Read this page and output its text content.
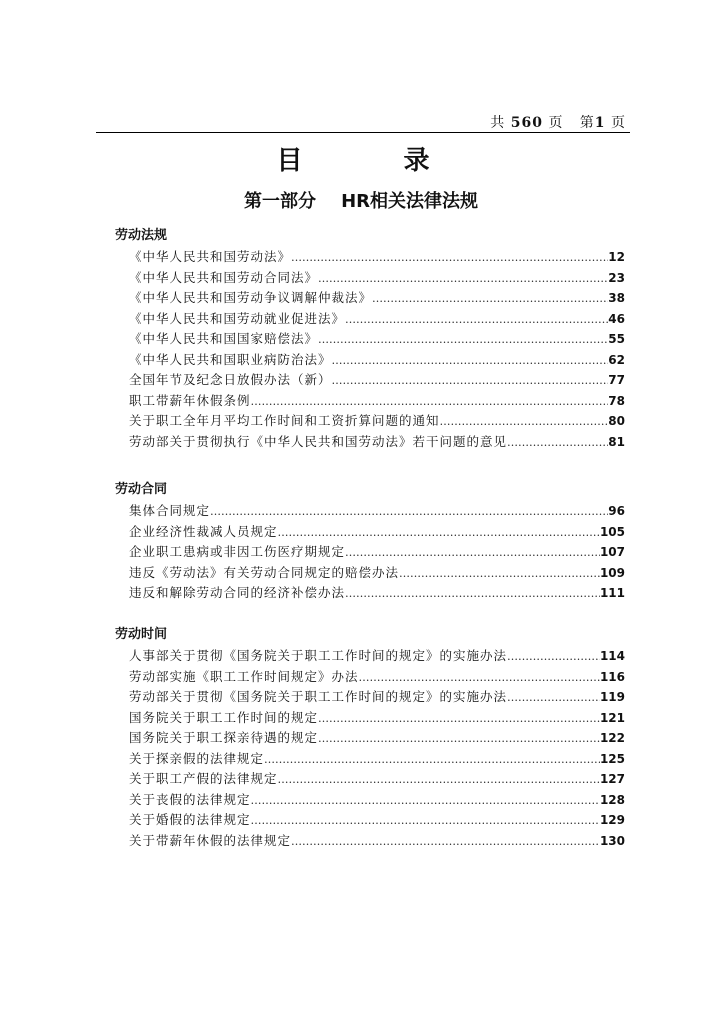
共 560 页 第1 页
目 录
第一部分    HR相关法律法规
劳动法规
《中华人民共和国劳动法》 ………………………………………………………………………………………………………………………………………………………………	12
《中华人民共和国劳动合同法》 ………………………………………………………………………………………………………………………………………………………………	23
《中华人民共和国劳动争议调解仲裁法》 ………………………………………………………………………………………………………………………………………………………………	38
《中华人民共和国劳动就业促进法》 ………………………………………………………………………………………………………………………………………………………………	46
《中华人民共和国国家赔偿法》 ………………………………………………………………………………………………………………………………………………………………	55
《中华人民共和国职业病防治法》 ………………………………………………………………………………………………………………………………………………………………	62
全国年节及纪念日放假办法（新） ………………………………………………………………………………………………………………………………………………………………	77
职工带薪年休假条例 ………………………………………………………………………………………………………………………………………………………………	78
关于职工全年月平均工作时间和工资折算问题的通知 ………………………………………………………………………………………………………………………………………………………………	80
劳动部关于贯彻执行《中华人民共和国劳动法》若干问题的意见 ………………………………………………………………………………………………………………………………………………………………	81
劳动合同
集体合同规定 ………………………………………………………………………………………………………………………………………………………………	96
企业经济性裁减人员规定 ………………………………………………………………………………………………………………………………………………………………	105
企业职工患病或非因工伤医疗期规定 ………………………………………………………………………………………………………………………………………………………………	107
违反《劳动法》有关劳动合同规定的赔偿办法 ………………………………………………………………………………………………………………………………………………………………	109
违反和解除劳动合同的经济补偿办法 ………………………………………………………………………………………………………………………………………………………………	111
劳动时间
人事部关于贯彻《国务院关于职工工作时间的规定》的实施办法 ………………………………………………………………………………………………………………………………………………………………	114
劳动部实施《职工工作时间规定》办法 ………………………………………………………………………………………………………………………………………………………………	116
劳动部关于贯彻《国务院关于职工工作时间的规定》的实施办法 ………………………………………………………………………………………………………………………………………………………………	119
国务院关于职工工作时间的规定 ………………………………………………………………………………………………………………………………………………………………	121
国务院关于职工探亲待遇的规定 ………………………………………………………………………………………………………………………………………………………………	122
关于探亲假的法律规定 ………………………………………………………………………………………………………………………………………………………………	125
关于职工产假的法律规定 ………………………………………………………………………………………………………………………………………………………………	127
关于丧假的法律规定 ………………………………………………………………………………………………………………………………………………………………	128
关于婚假的法律规定 ………………………………………………………………………………………………………………………………………………………………	129
关于带薪年休假的法律规定 ………………………………………………………………………………………………………………………………………………………………	130
